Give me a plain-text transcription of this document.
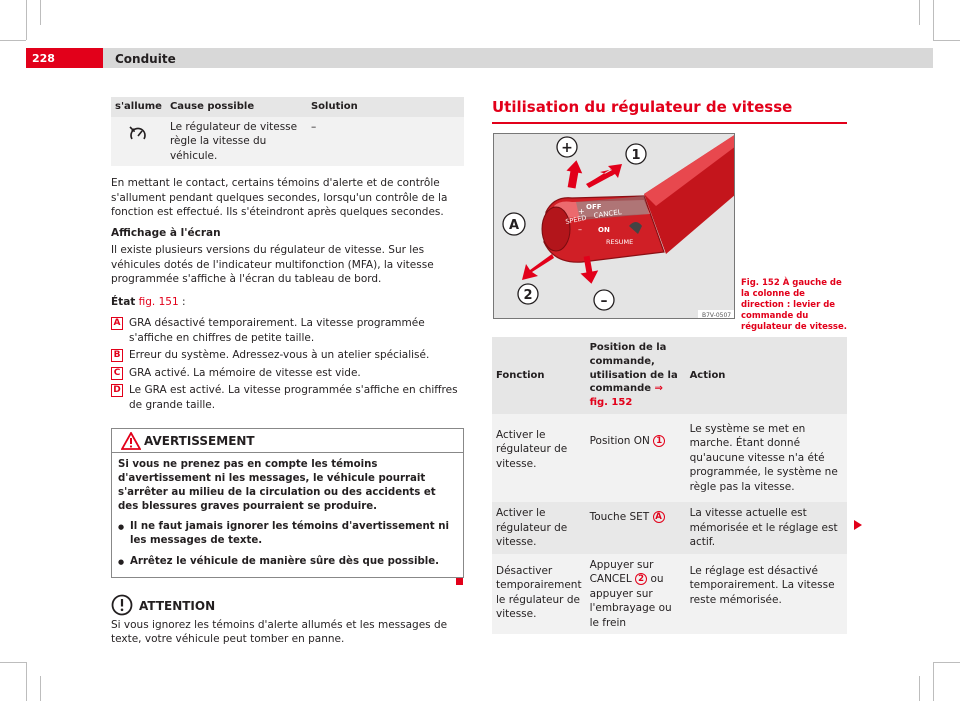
228	Conduite
s'allume	Cause possible	Solution
	Le régulateur de vitesse règle la vitesse du véhicule.	–
En mettant le contact, certains témoins d'alerte et de contrôle s'allument pendant quelques secondes, lorsqu'un contrôle de la fonction est effectué. Ils s'éteindront après quelques secondes.
Affichage à l'écran
Il existe plusieurs versions du régulateur de vitesse. Sur les véhicules dotés de l'indicateur multifonction (MFA), la vitesse programmée s'affiche à l'écran du tableau de bord.
État fig. 151 :
A GRA désactivé temporairement. La vitesse programmée s'affiche en chiffres de petite taille.
B Erreur du système. Adressez-vous à un atelier spécialisé.
C GRA activé. La mémoire de vitesse est vide.
D Le GRA est activé. La vitesse programmée s'affiche en chiffres de grande taille.
AVERTISSEMENT
Si vous ne prenez pas en compte les témoins d'avertissement ni les messages, le véhicule pourrait s'arrêter au milieu de la circulation ou des accidents et des blessures graves pourraient se produire.
● Il ne faut jamais ignorer les témoins d'avertissement ni les messages de texte.
● Arrêtez le véhicule de manière sûre dès que possible.
ATTENTION
Si vous ignorez les témoins d'alerte allumés et les messages de texte, votre véhicule peut tomber en panne.
Utilisation du régulateur de vitesse
+ OFF
SPEED
–
CANCEL
ON
RESUME
+	1
A
2	–
B7V-0507
Fig. 152 À gauche de la colonne de direction : levier de commande du régulateur de vitesse.
Fonction	Position de la commande, utilisation de la commande ⇒ fig. 152	Action
Activer le régulateur de vitesse.	Position ON 1	Le système se met en marche. Étant donné qu'aucune vitesse n'a été programmée, le système ne règle pas la vitesse.
Activer le régulateur de vitesse.	Touche SET A	La vitesse actuelle est mémorisée et le réglage est actif.
Désactiver temporairement le régulateur de vitesse.	Appuyer sur CANCEL 2 ou appuyer sur l'embrayage ou le frein	Le réglage est désactivé temporairement. La vitesse reste mémorisée.
